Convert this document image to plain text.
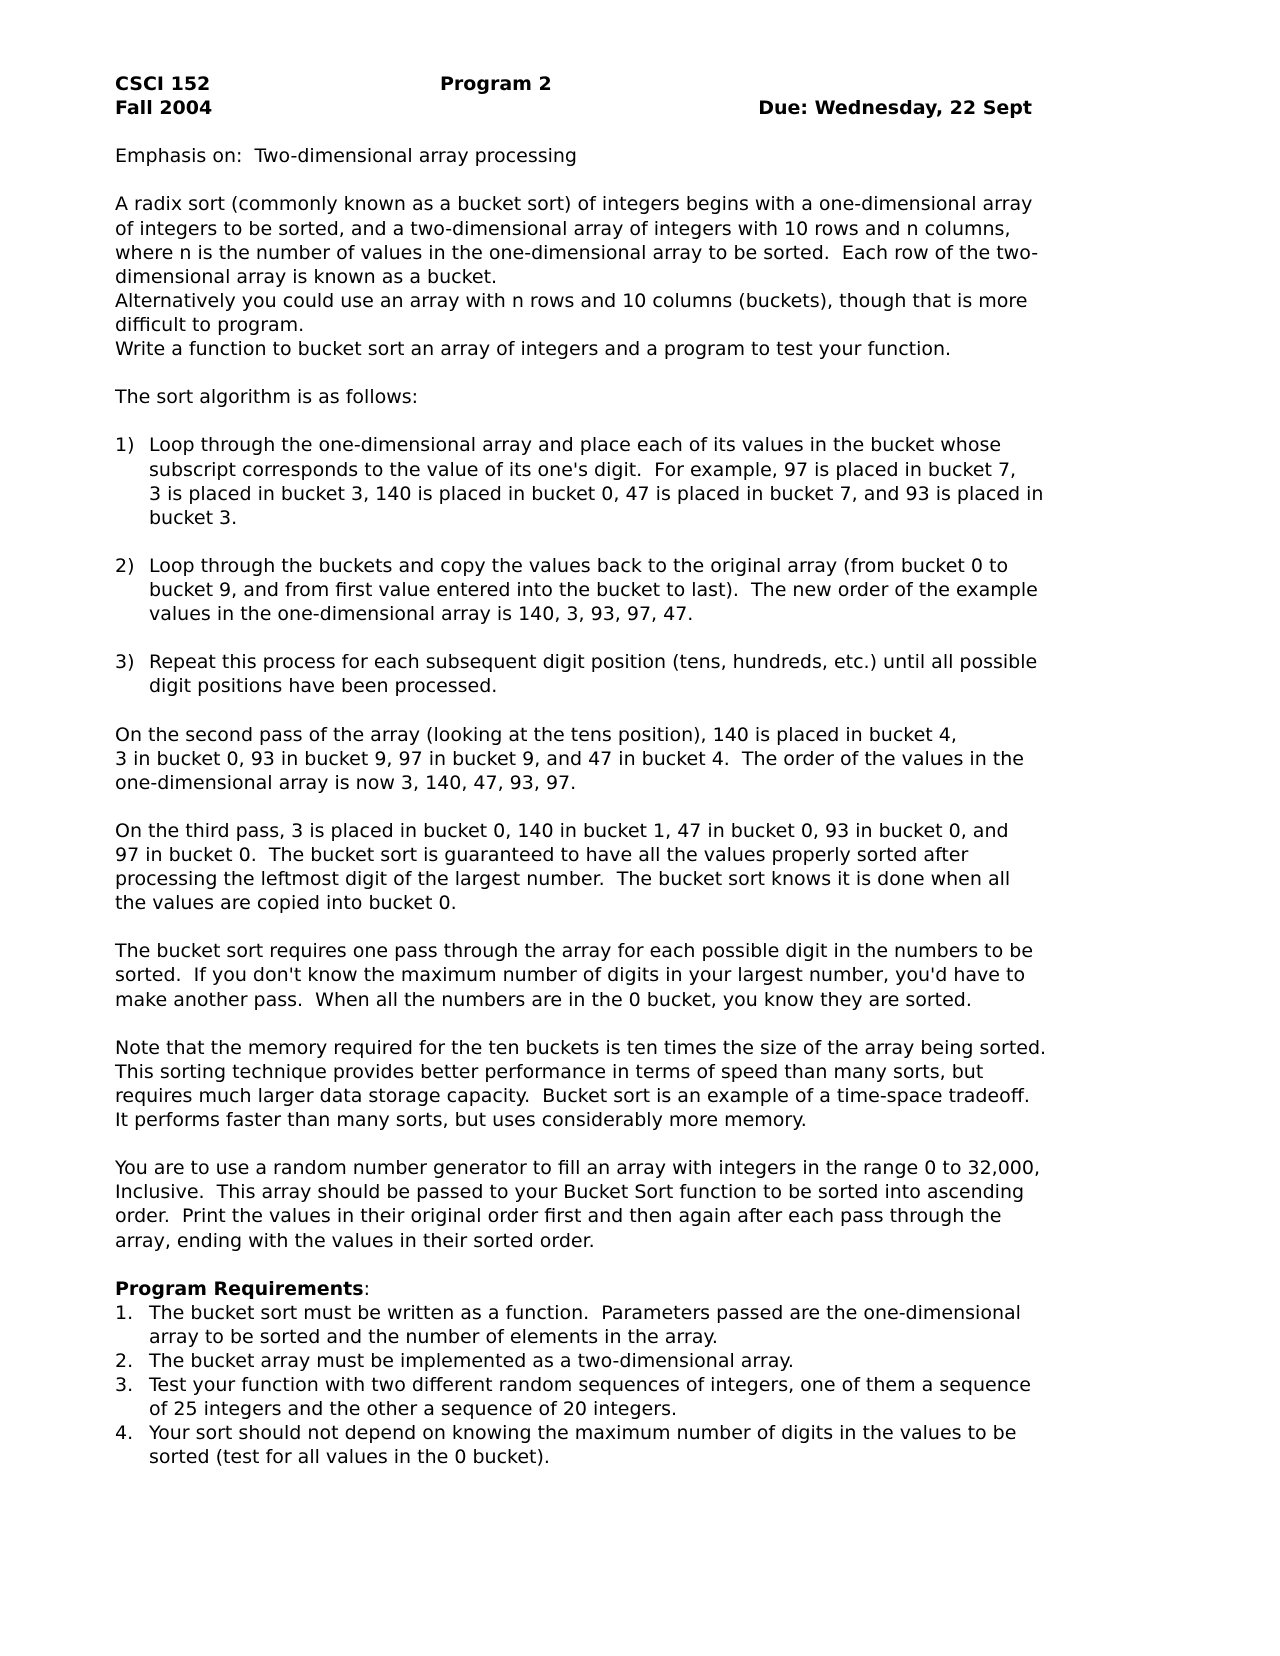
CSCI 152

	Program 2

Fall 2004

	Due: Wednesday, 22 Sept

Emphasis on:  Two-dimensional array processing
A radix sort (commonly known as a bucket sort) of integers begins with a one-dimensional array
of integers to be sorted, and a two-dimensional array of integers with 10 rows and n columns,
where n is the number of values in the one-dimensional array to be sorted.  Each row of the two-
dimensional array is known as a bucket.
Alternatively you could use an array with n rows and 10 columns (buckets), though that is more
difficult to program.
Write a function to bucket sort an array of integers and a program to test your function.
The sort algorithm is as follows:
1) Loop through the one-dimensional array and place each of its values in the bucket whose
subscript corresponds to the value of its one's digit.  For example, 97 is placed in bucket 7,
3 is placed in bucket 3, 140 is placed in bucket 0, 47 is placed in bucket 7, and 93 is placed in
bucket 3.
2) Loop through the buckets and copy the values back to the original array (from bucket 0 to
bucket 9, and from first value entered into the bucket to last).  The new order of the example
values in the one-dimensional array is 140, 3, 93, 97, 47.
3) Repeat this process for each subsequent digit position (tens, hundreds, etc.) until all possible
digit positions have been processed.
On the second pass of the array (looking at the tens position), 140 is placed in bucket 4,
3 in bucket 0, 93 in bucket 9, 97 in bucket 9, and 47 in bucket 4.  The order of the values in the
one-dimensional array is now 3, 140, 47, 93, 97.
On the third pass, 3 is placed in bucket 0, 140 in bucket 1, 47 in bucket 0, 93 in bucket 0, and
97 in bucket 0.  The bucket sort is guaranteed to have all the values properly sorted after
processing the leftmost digit of the largest number.  The bucket sort knows it is done when all
the values are copied into bucket 0.
The bucket sort requires one pass through the array for each possible digit in the numbers to be
sorted.  If you don't know the maximum number of digits in your largest number, you'd have to
make another pass.  When all the numbers are in the 0 bucket, you know they are sorted.
Note that the memory required for the ten buckets is ten times the size of the array being sorted.
This sorting technique provides better performance in terms of speed than many sorts, but
requires much larger data storage capacity.  Bucket sort is an example of a time-space tradeoff.
It performs faster than many sorts, but uses considerably more memory.
You are to use a random number generator to fill an array with integers in the range 0 to 32,000,
Inclusive.  This array should be passed to your Bucket Sort function to be sorted into ascending
order.  Print the values in their original order first and then again after each pass through the
array, ending with the values in their sorted order.
Program Requirements:
1. The bucket sort must be written as a function.  Parameters passed are the one-dimensional
array to be sorted and the number of elements in the array.
2. The bucket array must be implemented as a two-dimensional array.
3. Test your function with two different random sequences of integers, one of them a sequence
of 25 integers and the other a sequence of 20 integers.
4. Your sort should not depend on knowing the maximum number of digits in the values to be
sorted (test for all values in the 0 bucket).
